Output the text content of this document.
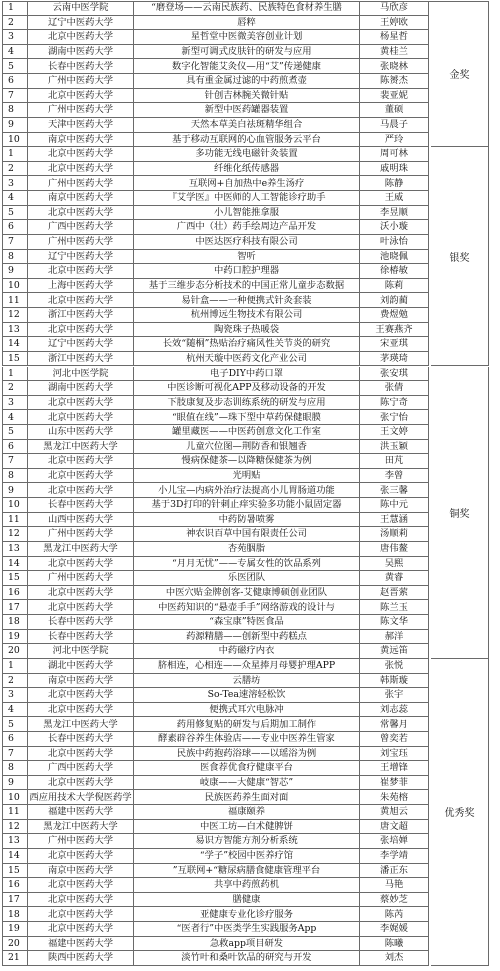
1	云南中医学院	“磨登场——云南民族药、民族特色食材养生膳	马欣彦
2	辽宁中医药大学	唇粹	王婷欧
3	北京中医药大学	星哲堂中医微美容创业计划	杨星哲
4	湖南中医药大学	新型可调式皮肤针的研发与应用	黄桂兰
5	长春中医药大学	数字化智能艾灸仪—用“艾”传递健康	张晓林
6	广州中医药大学	具有重金属过滤的中药煎煮壶	陈赟杰
7	北京中医药大学	针创吉林腕关微针贴	裴亚妮
8	广州中医药大学	新型中医药罐器装置	董硕
9	天津中医药大学	天然本草美白祛斑精华组合	马晨子
10	南京中医药大学	基于移动互联网的心血管服务云平台	严玲
金奖
1	北京中医药大学	多功能无线电磁针灸装置	周可林
2	北京中医药大学	纤维化纸传感器	戚明珠
3	广州中医药大学	互联网+自加热中e养生汤疗	陈静
4	南京中医药大学	『艾学医』中医师的人工智能诊疗助手	王威
5	北京中医药大学	小儿智能推拿服	李昱顺
6	广西中医药大学	广西中（壮）药手绘周边产品开发	沃小璇
7	广州中医药大学	中医达医疗科技有限公司	叶泳怡
8	辽宁中医药大学	智听	池晓佩
9	北京中医药大学	中药口腔护理器	徐椿敏
10	上海中医药大学	基于三维步态分析技术的中国正常儿童步态数据	陈莉
11	北京中医药大学	易针盒——一种便携式针灸套装	刘韵蔺
12	浙江中医药大学	杭州博远生物技术有限公司	费煜勉
13	北京中医药大学	陶瓷珠子热暖袋	王赛燕齐
14	辽宁中医药大学	长效“随桐”热贴治疗痛风性关节炎的研究	宋亚琪
15	浙江中医药大学	杭州天璇中医药文化产业公司	茅瑛琦
银奖
1	河北中医学院	电子DIY中药口罩	张安琪
2	湖南中医药大学	中医诊断可视化APP及移动设备的开发	张倩
3	北京中医药大学	下肢康复及步态训练系统的研发与应用	陈宁奇
4	北京中医药大学	“眼值在线”—珠下型中草药保健眼膜	张宁怡
5	山东中医药大学	罐里藏医——中医药创意文化工作室	王文婷
6	黑龙江中医药大学	儿童穴位图—荆防香和银翘香	洪玉颖
7	北京中医药大学	慢病保健茶—以降糖保健茶为例	田芃
8	北京中医药大学	光明贴	李曾
9	北京中医药大学	小儿宝—内病外治疗法提高小儿胃肠道功能	张三馨
10	长春中医药大学	基于3D打印的针刺止痒实验多功能小鼠固定器	陈中元
11	山西中医药大学	中药防暑喷雾	王慧涵
12	广州中医药大学	神农识百草中国有限责任公司	汤顺莉
13	黑龙江中医药大学	杏苑胭脂	唐伟鳌
14	北京中医药大学	“月月无忧”——专属女性的饮品系列	吴熙
15	广州中医药大学	乐医团队	黄睿
16	北京中医药大学	中医穴贴金牌创客-艾健康博硕创业团队	赵晋萦
17	北京中医药大学	中医药知识的“悬壶手手”网络游戏的设计与	陈兰玉
18	长春中医药大学	“森宝康”特医食品	陈文华
19	长春中医药大学	药源精膳——创新型中药糕点	郝洋
20	河北中医学院	中药磁疗内衣	黄远笛
铜奖
1	湖北中医药大学	脐相连，心相连——众星捧月母婴护理APP	张悦
2	南京中医药大学	云膳坊	韩斯璇
3	北京中医药大学	So-Tea速溶轻松饮	张宇
4	北京中医药大学	便携式耳穴电脉冲	刘志蕊
5	黑龙江中医药大学	药用修复贴的研发与后期加工制作	常馨月
6	长春中医药大学	酵素辟谷养生体验店——专业中医养生管家	曾奕若
7	北京中医药大学	民族中药抱药浴球——以瑶浴为例	刘宝珏
8	广西中医药大学	医食荐优食疗健康平台	王增锋
9	北京中医药大学	岐康——大健康“智芯”	崔梦菲
10	西应用技术大学倪医药学	民族医药养生面对面	朱苑榕
11	福建中医药大学	福康颐养	黄旭云
12	黑龙江中医药大学	中医工坊—白术健脾饼	唐文超
13	广州中医药大学	易识方智能方剂分析系统	张培婵
14	北京中医药大学	“学子”校园中医养疗馆	李学靖
15	南京中医药大学	”互联网+“糖尿病膳食健康管理平台	潘正东
16	北京中医药大学	共享中药煎药机	马艳
17	北京中医药大学	膳健康	蔡妙芝
18	北京中医药大学	亚健康专业化诊疗服务	陈芮
19	北京中医药大学	“医者行”中医类学生实践服务App	李娓媛
20	福建中医药大学	急救app项目研发	陈曦
21	陕西中医药大学	淡竹叶和桑叶饮品的研究与开发	刘杰
优秀奖
